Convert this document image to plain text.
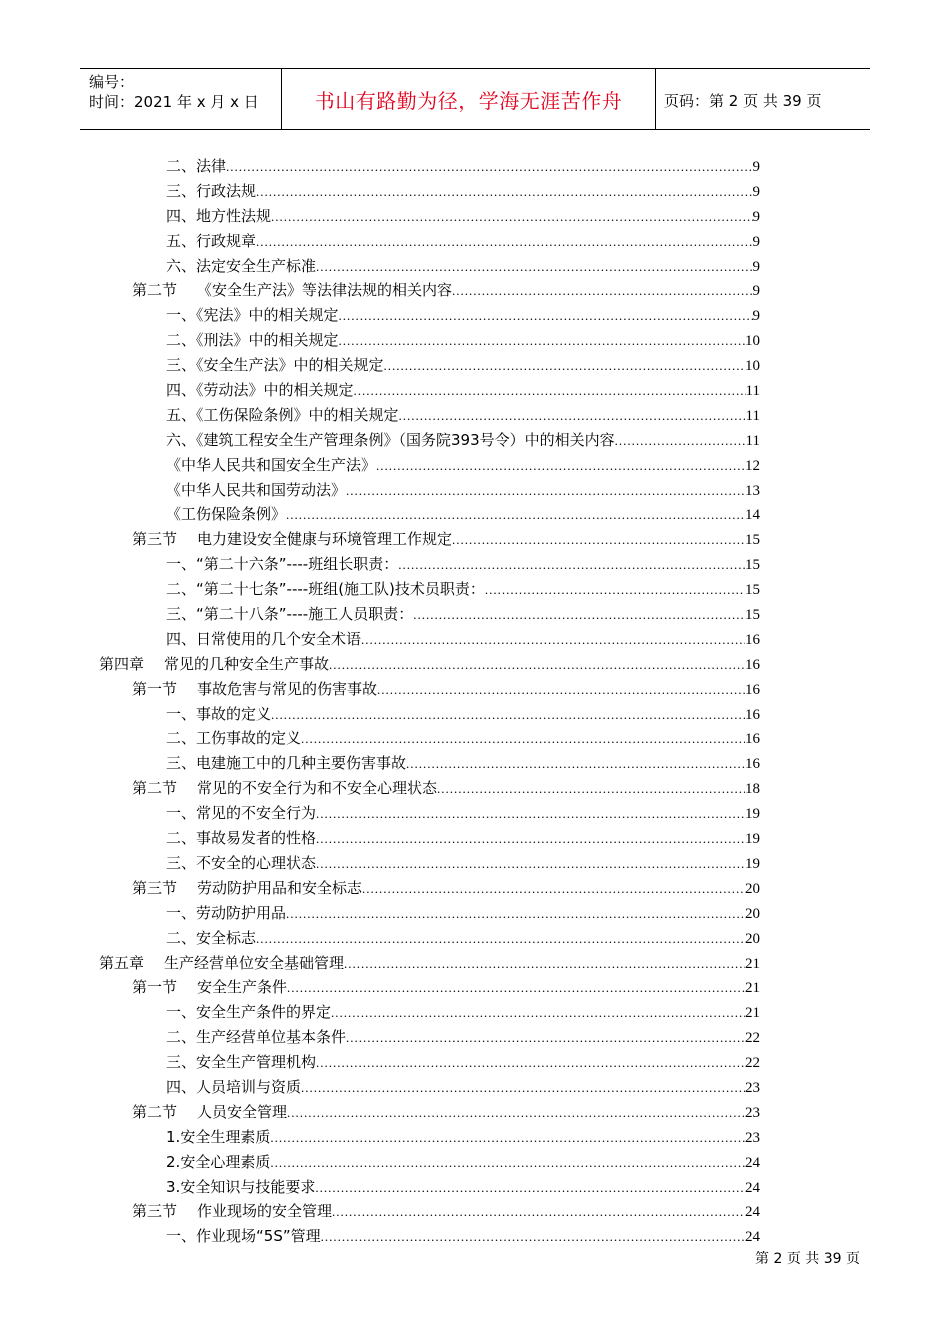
编号：
时间：2021 年 x 月 x 日	书山有路勤为径，学海无涯苦作舟	页码：第 2 页 共 39 页
二、法律 .....	9
三、行政法规 .....	9
四、地方性法规 .....	9
五、行政规章 .....	9
六、法定安全生产标准 .....	9
第二节 《安全生产法》等法律法规的相关内容 .....	9
一、《宪法》中的相关规定 .....	9
二、《刑法》中的相关规定 .....	10
三、《安全生产法》中的相关规定 .....	10
四、《劳动法》中的相关规定 .....	11
五、《工伤保险条例》中的相关规定 .....	11
六、《建筑工程安全生产管理条例》（国务院393号令）中的相关内容 .....	11
《中华人民共和国安全生产法》 .....	12
《中华人民共和国劳动法》 .....	13
《工伤保险条例》 .....	14
第三节 电力建设安全健康与环境管理工作规定 .....	15
一、“第二十六条”----班组长职责： .....	15
二、“第二十七条”----班组(施工队)技术员职责： .....	15
三、“第二十八条”----施工人员职责： .....	15
四、日常使用的几个安全术语 .....	16
第四章 常见的几种安全生产事故 .....	16
第一节 事故危害与常见的伤害事故 .....	16
一、事故的定义 .....	16
二、工伤事故的定义 .....	16
三、电建施工中的几种主要伤害事故 .....	16
第二节 常见的不安全行为和不安全心理状态 .....	18
一、常见的不安全行为 .....	19
二、事故易发者的性格 .....	19
三、不安全的心理状态 .....	19
第三节 劳动防护用品和安全标志 .....	20
一、劳动防护用品 .....	20
二、安全标志 .....	20
第五章 生产经营单位安全基础管理 .....	21
第一节 安全生产条件 .....	21
一、安全生产条件的界定 .....	21
二、生产经营单位基本条件 .....	22
三、安全生产管理机构 .....	22
四、人员培训与资质 .....	23
第二节 人员安全管理 .....	23
1.安全生理素质 .....	23
2.安全心理素质 .....	24
3.安全知识与技能要求 .....	24
第三节 作业现场的安全管理 .....	24
一、作业现场“5S”管理 .....	24
第 2 页 共 39 页
